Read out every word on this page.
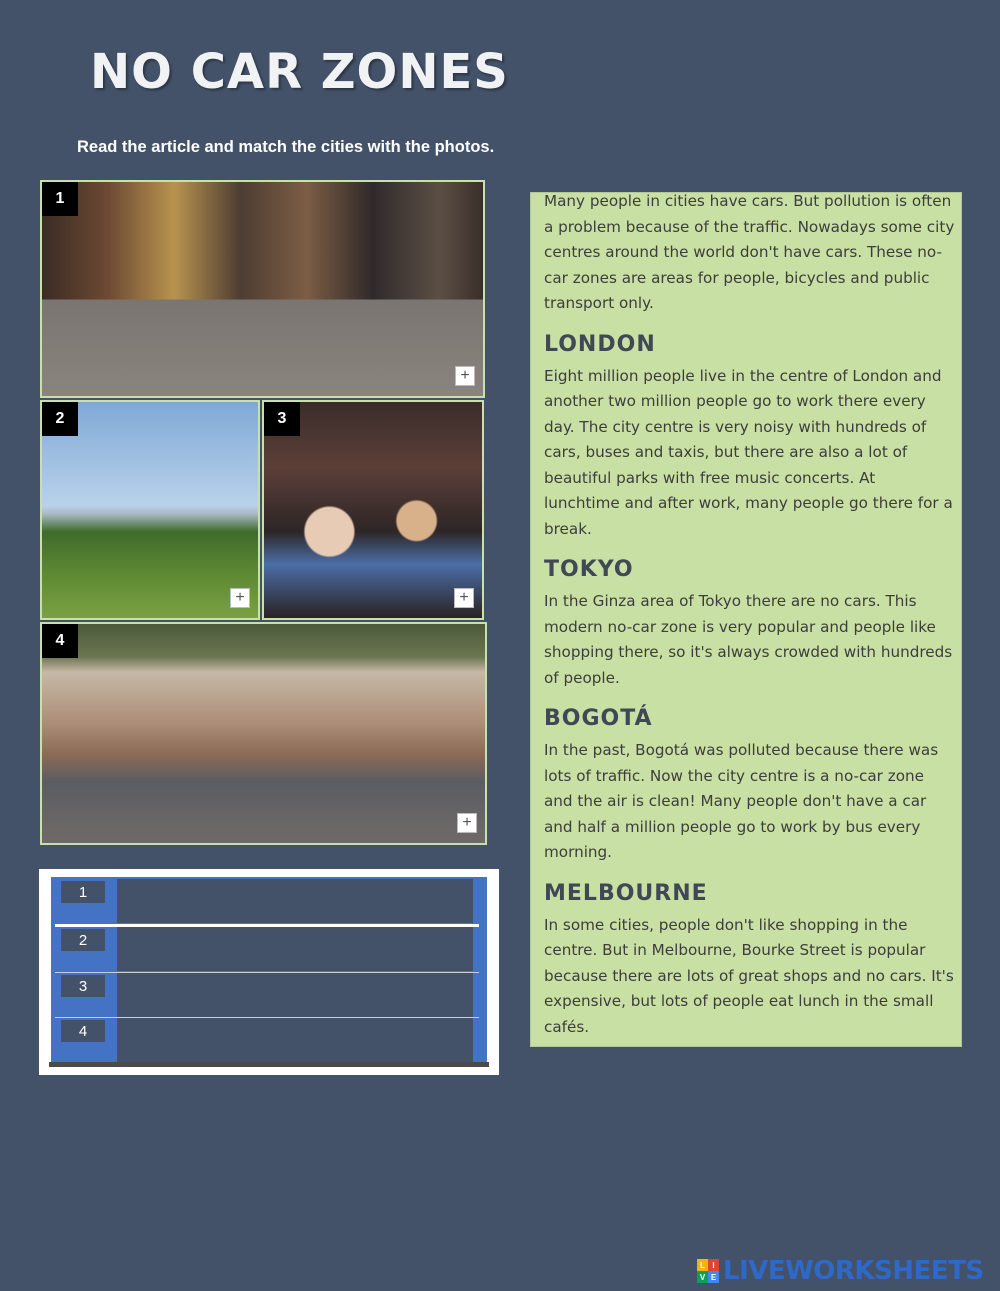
NO CAR ZONES
Read the article and match the cities with the photos.
1
+
2
+
3
+
4
+
1
2
3
4

Many people in cities have cars. But pollution is often a problem because of the traffic. Nowadays some city centres around the world don't have cars. These no-car zones are areas for people, bicycles and public transport only.

LONDON

Eight million people live in the centre of London and another two million people go to work there every day. The city centre is very noisy with hundreds of cars, buses and taxis, but there are also a lot of beautiful parks with free music concerts. At lunchtime and after work, many people go there for a break.

TOKYO

In the Ginza area of Tokyo there are no cars. This modern no-car zone is very popular and people like shopping there, so it's always crowded with hundreds of people.

BOGOTÁ

In the past, Bogotá was polluted because there was lots of traffic. Now the city centre is a no-car zone and the air is clean! Many people don't have a car and half a million people go to work by bus every morning.

MELBOURNE

In some cities, people don't like shopping in the centre. But in Melbourne, Bourke Street is popular because there are lots of great shops and no cars. It's expensive, but lots of people eat lunch in the small cafés.

L I
V E LIVEWORKSHEETS
